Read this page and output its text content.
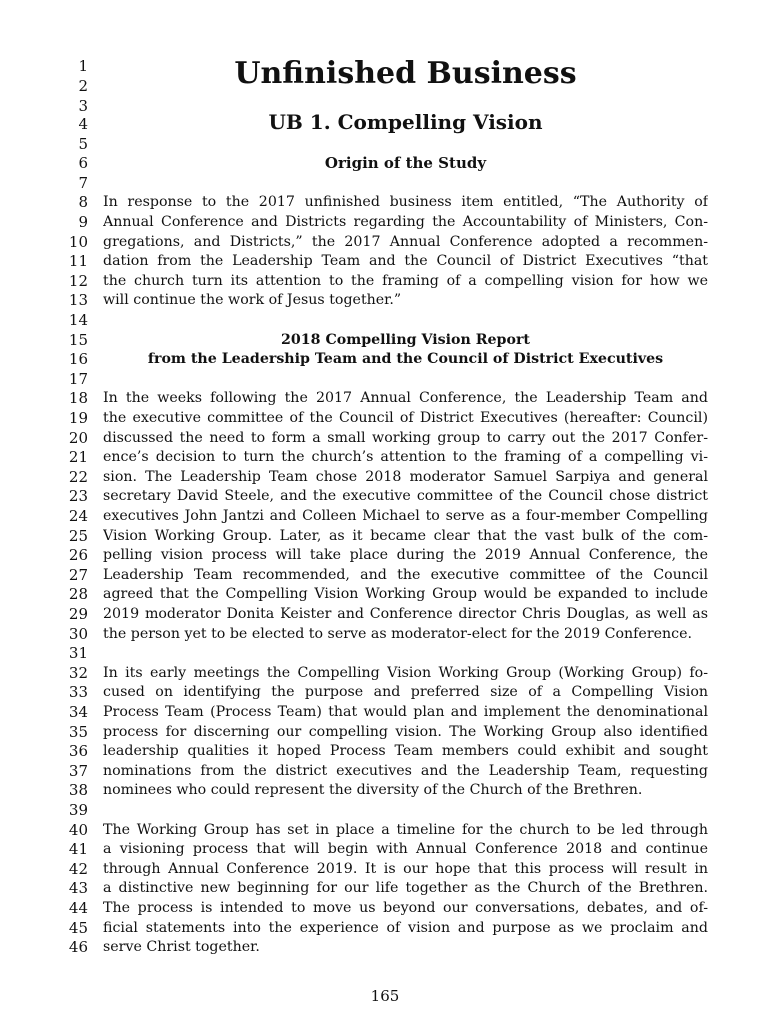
1
2
3
4
5
6
7
8
9
10
11
12
13
14
15
16
17
18
19
20
21
22
23
24
25
26
27
28
29
30
31
32
33
34
35
36
37
38
39
40
41
42
43
44
45
46
Unfinished Business
UB 1. Compelling Vision
Origin of the Study
In response to the 2017 unfinished business item entitled, “The Authority of
Annual Conference and Districts regarding the Accountability of Ministers, Con-
gregations, and Districts,” the 2017 Annual Conference adopted a recommen-
dation from the Leadership Team and the Council of District Executives “that
the church turn its attention to the framing of a compelling vision for how we
will continue the work of Jesus together.”
2018 Compelling Vision Report
from the Leadership Team and the Council of District Executives
In the weeks following the 2017 Annual Conference, the Leadership Team and
the executive committee of the Council of District Executives (hereafter: Council)
discussed the need to form a small working group to carry out the 2017 Confer-
ence’s decision to turn the church’s attention to the framing of a compelling vi-
sion. The Leadership Team chose 2018 moderator Samuel Sarpiya and general
secretary David Steele, and the executive committee of the Council chose district
executives John Jantzi and Colleen Michael to serve as a four-member Compelling
Vision Working Group. Later, as it became clear that the vast bulk of the com-
pelling vision process will take place during the 2019 Annual Conference, the
Leadership Team recommended, and the executive committee of the Council
agreed that the Compelling Vision Working Group would be expanded to include
2019 moderator Donita Keister and Conference director Chris Douglas, as well as
the person yet to be elected to serve as moderator-elect for the 2019 Conference.
In its early meetings the Compelling Vision Working Group (Working Group) fo-
cused on identifying the purpose and preferred size of a Compelling Vision
Process Team (Process Team) that would plan and implement the denominational
process for discerning our compelling vision. The Working Group also identified
leadership qualities it hoped Process Team members could exhibit and sought
nominations from the district executives and the Leadership Team, requesting
nominees who could represent the diversity of the Church of the Brethren.
The Working Group has set in place a timeline for the church to be led through
a visioning process that will begin with Annual Conference 2018 and continue
through Annual Conference 2019. It is our hope that this process will result in
a distinctive new beginning for our life together as the Church of the Brethren.
The process is intended to move us beyond our conversations, debates, and of-
ficial statements into the experience of vision and purpose as we proclaim and
serve Christ together.
165
